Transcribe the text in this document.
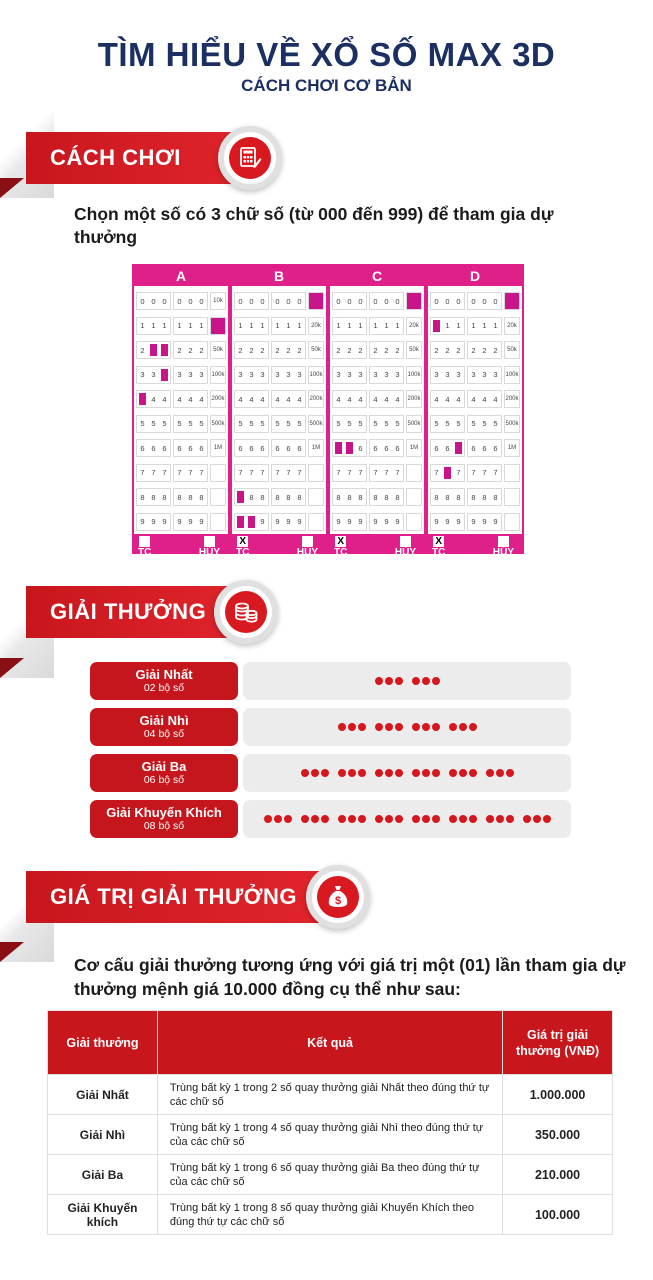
TÌM HIỂU VỀ XỔ SỐ MAX 3D
CÁCH CHƠI CƠ BẢN
CÁCH CHƠI
Chọn một số có 3 chữ số (từ 000 đến 999) để tham gia dự thưởng
A
0 0 0 0 0 0	10k
1 1 1 1 1 1	20k
2 2 2 2 2 2	50k
3 3 3 3 3 3 100k
4 4 4 4 4 4 200k
5 5 5 5 5 5 500k
6 6 6 6 6 6	1M
7 7 7 7 7 7
8 8 8 8 8 8
9 9 9 9 9 9
TC	HỦY
B
0 0 0 0 0 0	10k
1 1 1 1 1 1	20k
2 2 2 2 2 2	50k
3 3 3 3 3 3 100k
4 4 4 4 4 4 200k
5 5 5 5 5 5 500k
6 6 6 6 6 6	1M
7 7 7 7 7 7
8 8 8 8 8 8
9 9 9 9 9 9
X
TC	HỦY
C
0 0 0 0 0 0	10k
1 1 1 1 1 1	20k
2 2 2 2 2 2	50k
3 3 3 3 3 3 100k
4 4 4 4 4 4 200k
5 5 5 5 5 5 500k
6 6 6 6 6 6	1M
7 7 7 7 7 7
8 8 8 8 8 8
9 9 9 9 9 9
X
TC	HỦY
D
0 0 0 0 0 0	10k
1 1 1 1 1 1	20k
2 2 2 2 2 2	50k
3 3 3 3 3 3 100k
4 4 4 4 4 4 200k
5 5 5 5 5 5 500k
6 6 6 6 6 6	1M
7 7 7 7 7 7
8 8 8 8 8 8
9 9 9 9 9 9
X
TC	HỦY
GIẢI THƯỞNG
Giải Nhất
02 bộ số
Giải Nhì
04 bộ số
Giải Ba
06 bộ số
Giải Khuyến Khích
08 bộ số
GIÁ TRỊ GIẢI THƯỞNG	$
Cơ cấu giải thưởng tương ứng với giá trị một (01) lần tham gia dự thưởng mệnh giá 10.000 đồng cụ thể như sau:
Giải thưởng	Kết quả	Giá trị giải thưởng (VNĐ)
Giải Nhất	Trùng bất kỳ 1 trong 2 số quay thưởng giải Nhất theo đúng thứ tự các chữ số	1.000.000
Giải Nhì	Trùng bất kỳ 1 trong 4 số quay thưởng giải Nhì theo đúng thứ tự của các chữ số	350.000
Giải Ba	Trùng bất kỳ 1 trong 6 số quay thưởng giải Ba theo đúng thứ tự của các chữ số	210.000
Giải Khuyến khích	Trùng bất kỳ 1 trong 8 số quay thưởng giải Khuyến Khích theo đúng thứ tự các chữ số	100.000
